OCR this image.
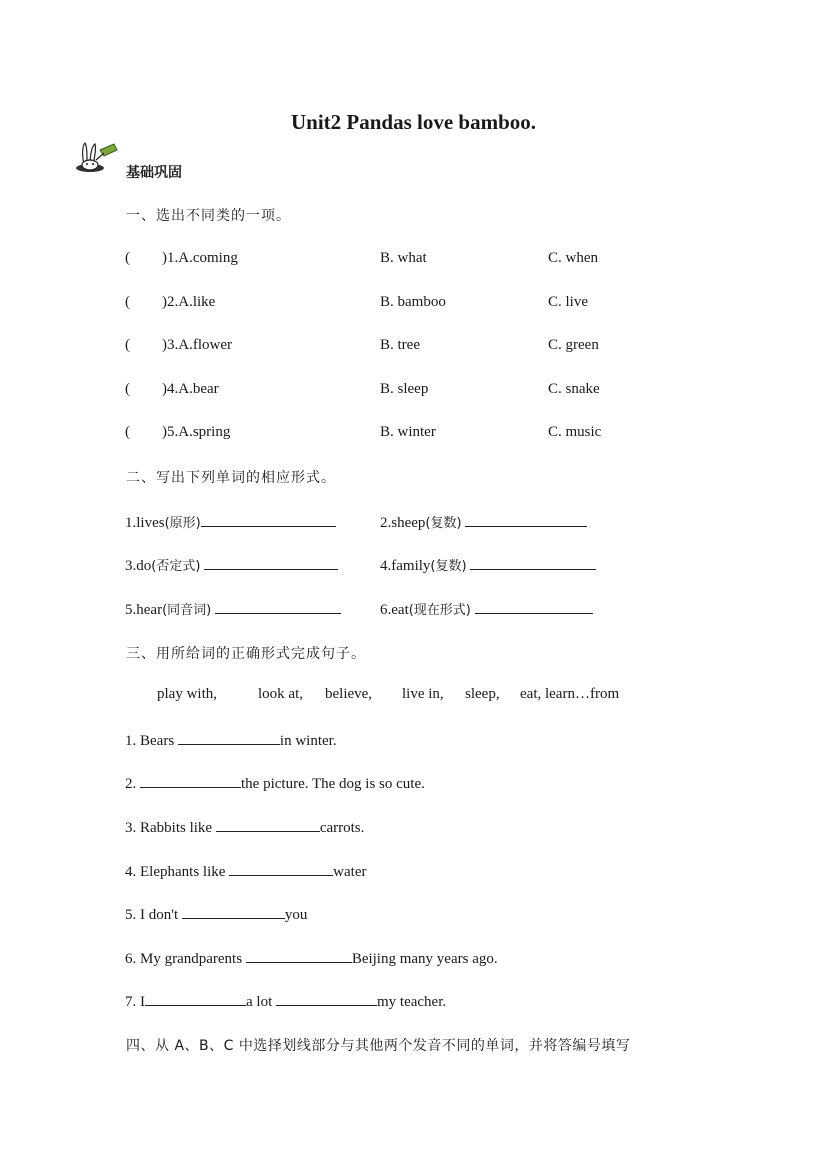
Unit2 Pandas love bamboo.
基础巩固
一、选出不同类的一项。
( )1.A.coming	B. what	C. when
( )2.A.like	B. bamboo	C. live
( )3.A.flower	B. tree	C. green
( )4.A.bear	B. sleep	C. snake
( )5.A.spring	B. winter	C. music
二、写出下列单词的相应形式。
1.lives(原形)	2.sheep(复数)
3.do(否定式)	4.family(复数)
5.hear(同音词)	6.eat(现在形式)
三、用所给词的正确形式完成句子。
play with,	look at, believe, live in, sleep, eat, learn…from
1. Bears	in winter.
2.	the picture. The dog is so cute.
3. Rabbits like	carrots.
4. Elephants like	water
5. I don't	you
6. My grandparents	Beijing many years ago.
7. I	a lot	my teacher.
四、从 A、B、C 中选择划线部分与其他两个发音不同的单词，并将答编号填写
